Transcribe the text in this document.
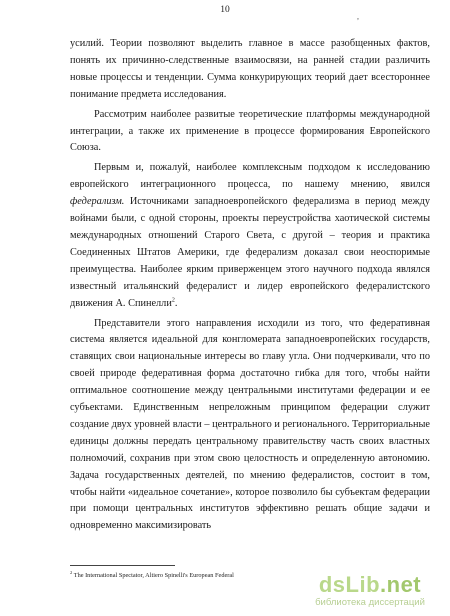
10
,

усилий. Теории позволяют выделить главное в массе разобщенных фактов, понять их причинно-следственные взаимосвязи, на ранней стадии различить новые процессы и тенденции. Сумма конкурирующих теорий дает всестороннее понимание предмета исследования.

Рассмотрим наиболее развитые теоретические платформы международной интеграции, а также их применение в процессе формирования Европейского Союза.

Первым и, пожалуй, наиболее комплексным подходом к исследованию европейского интеграционного процесса, по нашему мнению, явился федерализм. Источниками западноевропейского федерализма в период между войнами были, с одной стороны, проекты переустройства хаотической системы международных отношений Старого Света, с другой – теория и практика Соединенных Штатов Америки, где федерализм доказал свои неоспоримые преимущества. Наиболее ярким приверженцем этого научного подхода являлся известный итальянский федералист и лидер европейского федералистского движения А. Спинелли$^2$.

Представители этого направления исходили из того, что федеративная система является идеальной для конгломерата западноевропейских государств, ставящих свои национальные интересы во главу угла. Они подчеркивали, что по своей природе федеративная форма достаточно гибка для того, чтобы найти оптимальное соотношение между центральными институтами федерации и ее субъектами. Единственным непреложным принципом федерации служит создание двух уровней власти – центрального и регионального. Территориальные единицы должны передать центральному правительству часть своих властных полномочий, сохранив при этом свою целостность и определенную автономию. Задача государственных деятелей, по мнению федералистов, состоит в том, чтобы найти «идеальное сочетание», которое позволило бы субъектам федерации при помощи центральных институтов эффективно решать общие задачи и одновременно максимизировать

$^2$ The International Spectator, Altiero Spinelli's European Federal	dsLib.net
библиотека диссертаций
